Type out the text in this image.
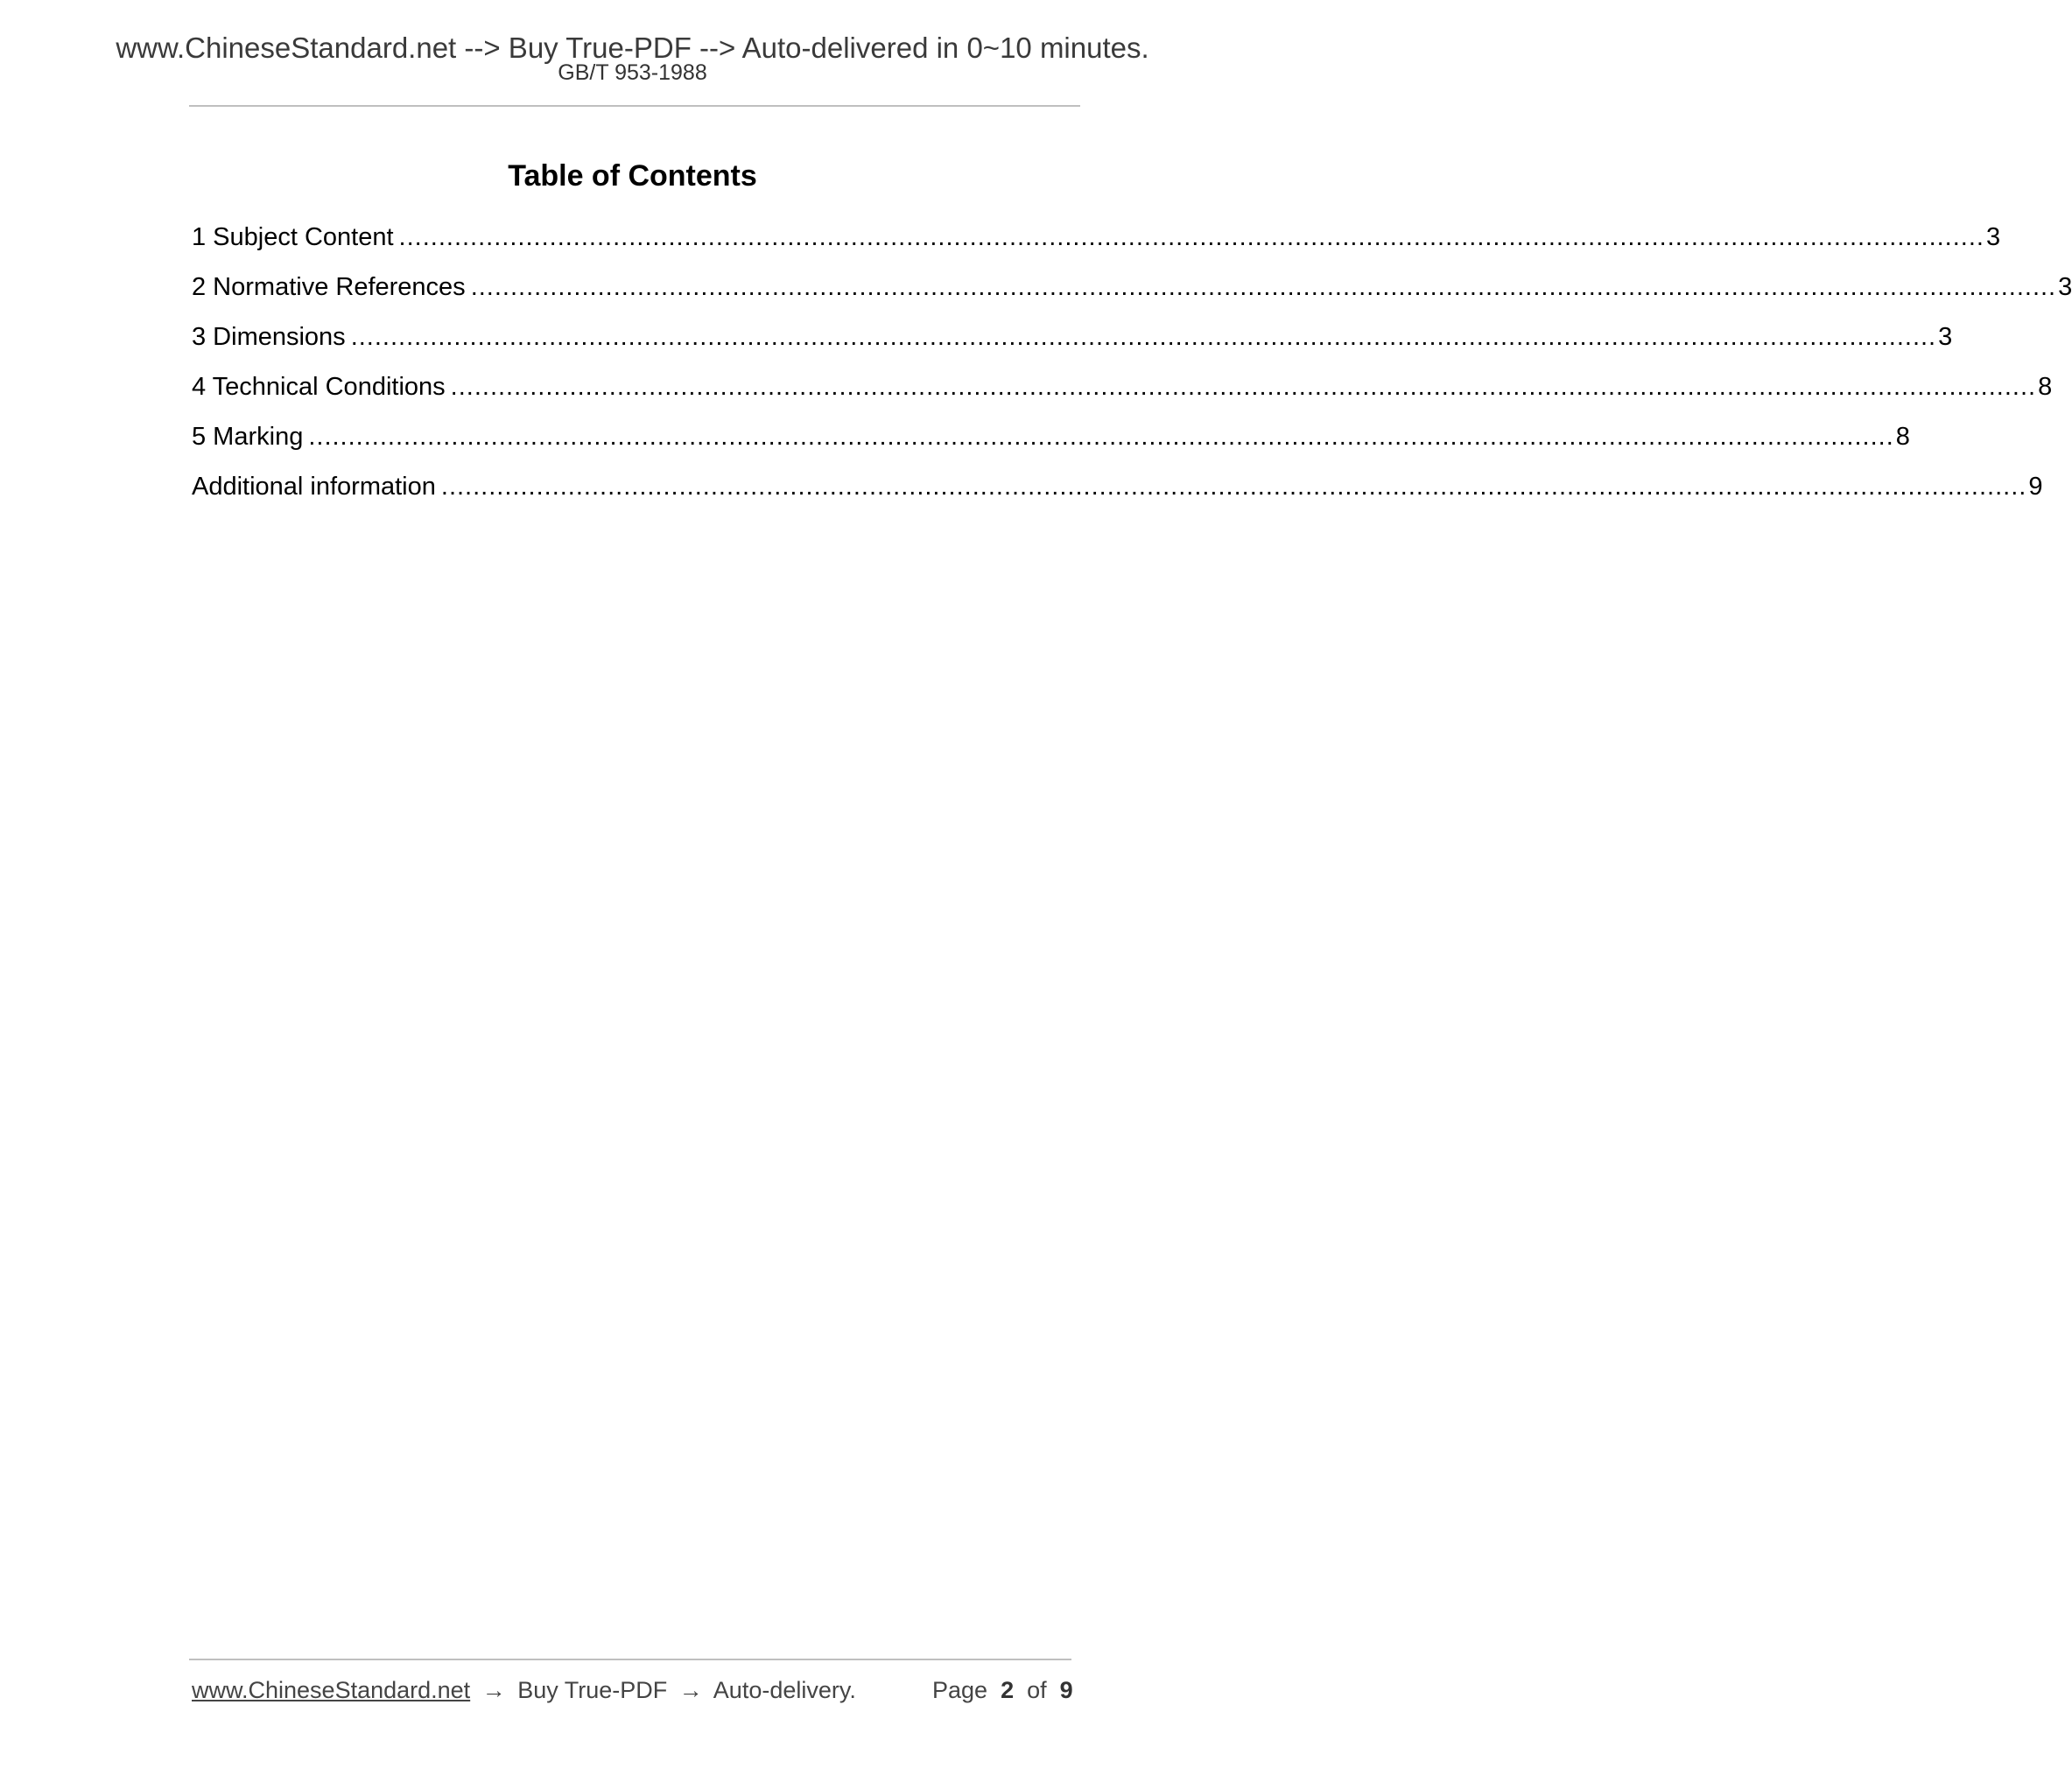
www.ChineseStandard.net --> Buy True-PDF --> Auto-delivered in 0~10 minutes.
GB/T 953-1988
Table of Contents
1 Subject Content ........................................................................................................................................................................................................ 3
2 Normative References ........................................................................................................................................................................................................ 3
3 Dimensions ........................................................................................................................................................................................................ 3
4 Technical Conditions ........................................................................................................................................................................................................ 8
5 Marking ........................................................................................................................................................................................................ 8
Additional information ........................................................................................................................................................................................................ 9
www.ChineseStandard.net → Buy True-PDF → Auto-delivery.	Page 2 of 9
